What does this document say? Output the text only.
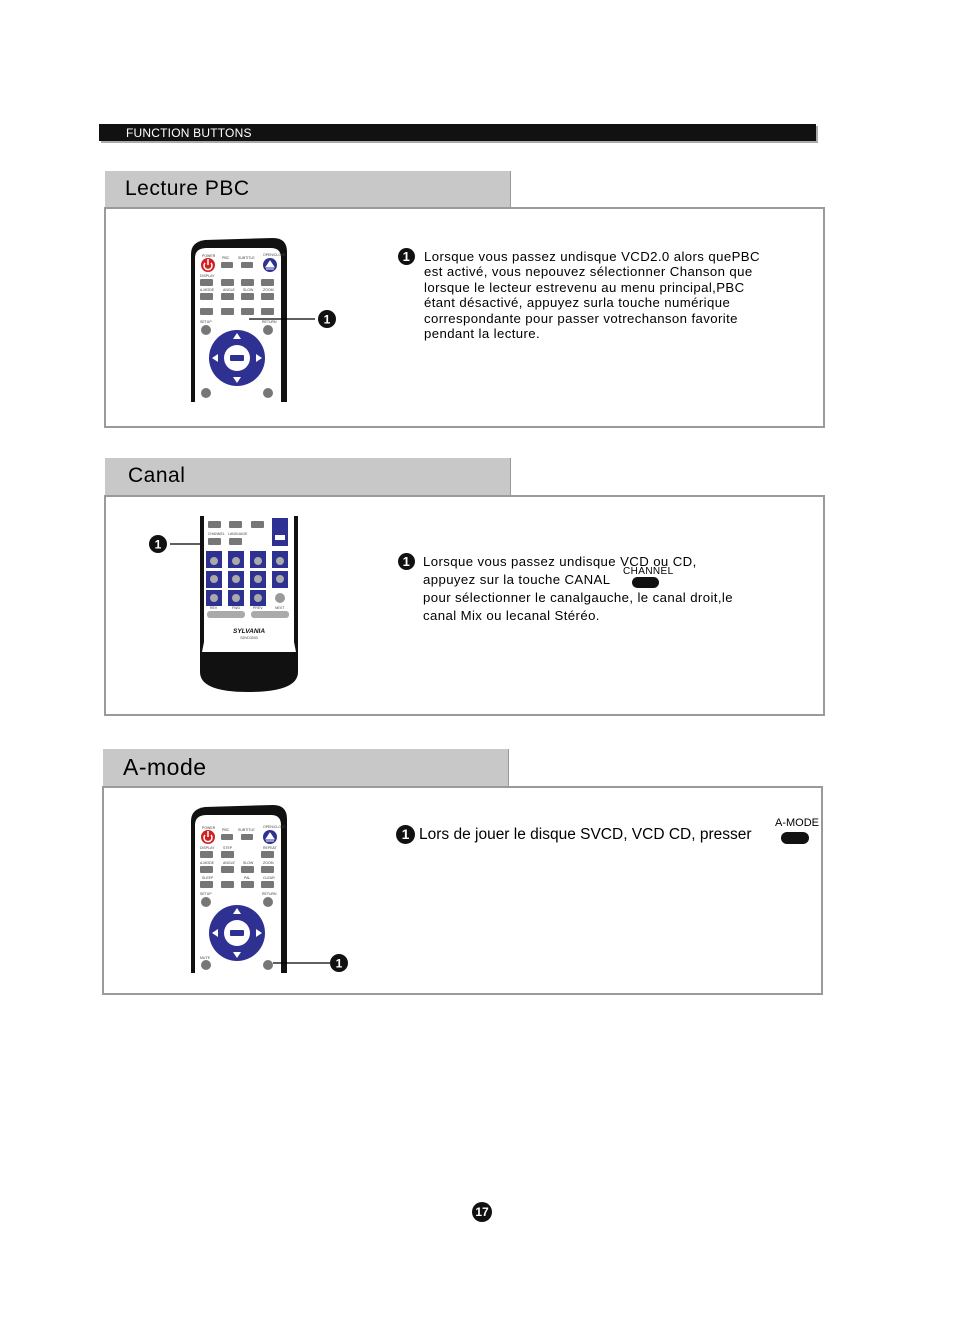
FUNCTION BUTTONS
Lecture PBC
POWER PBC	SUBTITLE
OPEN/CLOSE
DISPLAY
A-MODE	ANGLE SLOW	ZOOM
SETUP	RETURN	1
1	Lorsque vous passez undisque VCD2.0 alors quePBC
est activé, vous nepouvez sélectionner Chanson que
lorsque le lecteur estrevenu au menu principal,PBC
étant désactivé, appuyez surla touche numérique
correspondante pour passer votrechanson favorite
pendant la lecture.
Canal
1
CHANNEL LANGUAGE
REV	FWD	PREV	NEXT
SYLVANIA
SDVD3000
1 Lorsque vous passez undisque VCD ou CD,
appuyez sur la touche CANAL
pour sélectionner le canalgauche, le canal droit,le
canal Mix ou lecanal Stéréo.
CHANNEL
A-mode
POWER PBC	SUBTITLE
OPEN/CLOSE
DISPLAY STEP	REPEAT
A-MODE	ANGLE SLOW	ZOOM
SLEEP	PAL	CLEAR
SETUP	RETURN
MUTE	1
1 Lors de jouer le disque SVCD, VCD CD, presser
A-MODE
17
